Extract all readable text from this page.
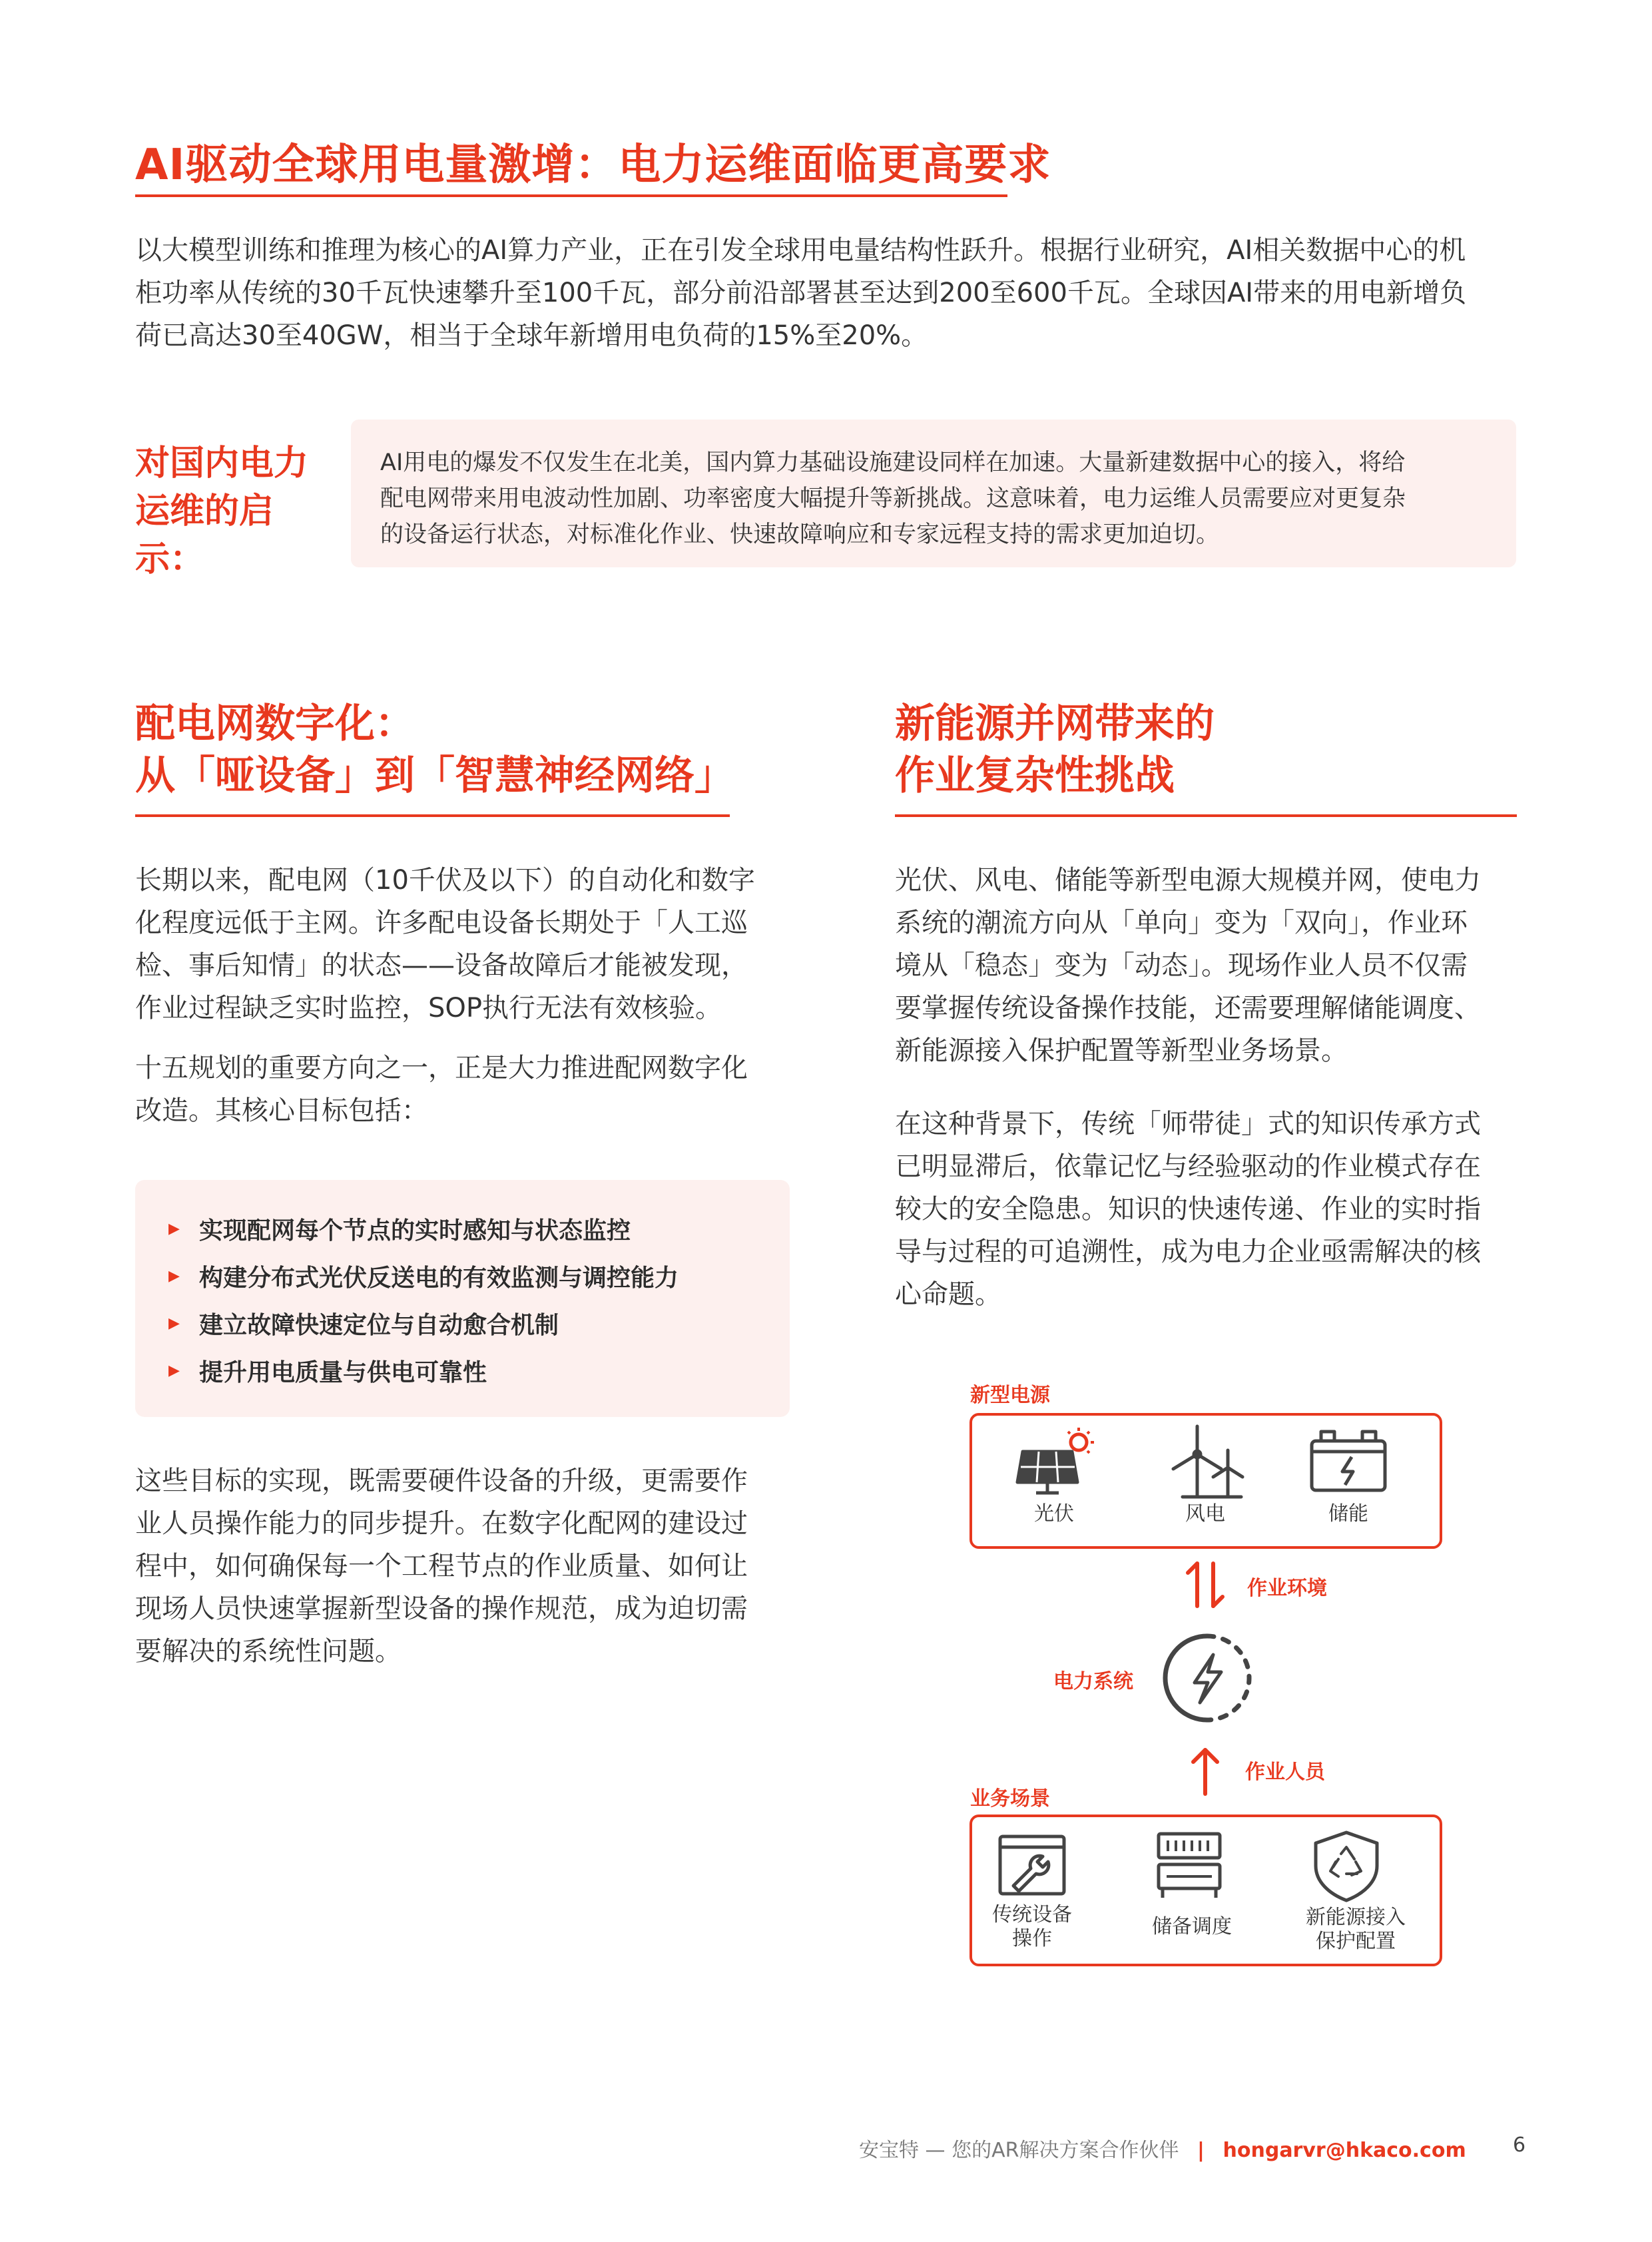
AI驱动全球用电量激增：电力运维面临更高要求

以大模型训练和推理为核心的AI算力产业，正在引发全球用电量结构性跃升。根据行业研究，AI相关数据中心的机

柜功率从传统的30千瓦快速攀升至100千瓦，部分前沿部署甚至达到200至600千瓦。全球因AI带来的用电新增负

荷已高达30至40GW，相当于全球年新增用电负荷的15%至20%。

对国内电力
运维的启示：
AI用电的爆发不仅发生在北美，国内算力基础设施建设同样在加速。大量新建数据中心的接入，将给
配电网带来用电波动性加剧、功率密度大幅提升等新挑战。这意味着，电力运维人员需要应对更复杂
的设备运行状态，对标准化作业、快速故障响应和专家远程支持的需求更加迫切。

配电网数字化：

从「哑设备」到「智慧神经网络」

长期以来，配电网（10千伏及以下）的自动化和数字

化程度远低于主网。许多配电设备长期处于「人工巡

检、事后知情」的状态——设备故障后才能被发现，

作业过程缺乏实时监控，SOP执行无法有效核验。

十五规划的重要方向之一，正是大力推进配网数字化

改造。其核心目标包括：

▶ 实现配网每个节点的实时感知与状态监控
▶ 构建分布式光伏反送电的有效监测与调控能力
▶ 建立故障快速定位与自动愈合机制
▶ 提升用电质量与供电可靠性

这些目标的实现，既需要硬件设备的升级，更需要作

业人员操作能力的同步提升。在数字化配网的建设过

程中，如何确保每一个工程节点的作业质量、如何让

现场人员快速掌握新型设备的操作规范，成为迫切需

要解决的系统性问题。

新能源并网带来的

作业复杂性挑战

光伏、风电、储能等新型电源大规模并网，使电力

系统的潮流方向从「单向」变为「双向」，作业环

境从「稳态」变为「动态」。现场作业人员不仅需

要掌握传统设备操作技能，还需要理解储能调度、

新能源接入保护配置等新型业务场景。

在这种背景下，传统「师带徒」式的知识传承方式

已明显滞后，依靠记忆与经验驱动的作业模式存在

较大的安全隐患。知识的快速传递、作业的实时指

导与过程的可追溯性，成为电力企业亟需解决的核

心命题。

新型电源
光伏	风电	储能
作业环境
电力系统
作业人员
业务场景
传统设备
操作
储备调度	新能源接入
保护配置
安宝特 — 您的AR解决方案合作伙伴 | hongarvr@hkaco.com 6
